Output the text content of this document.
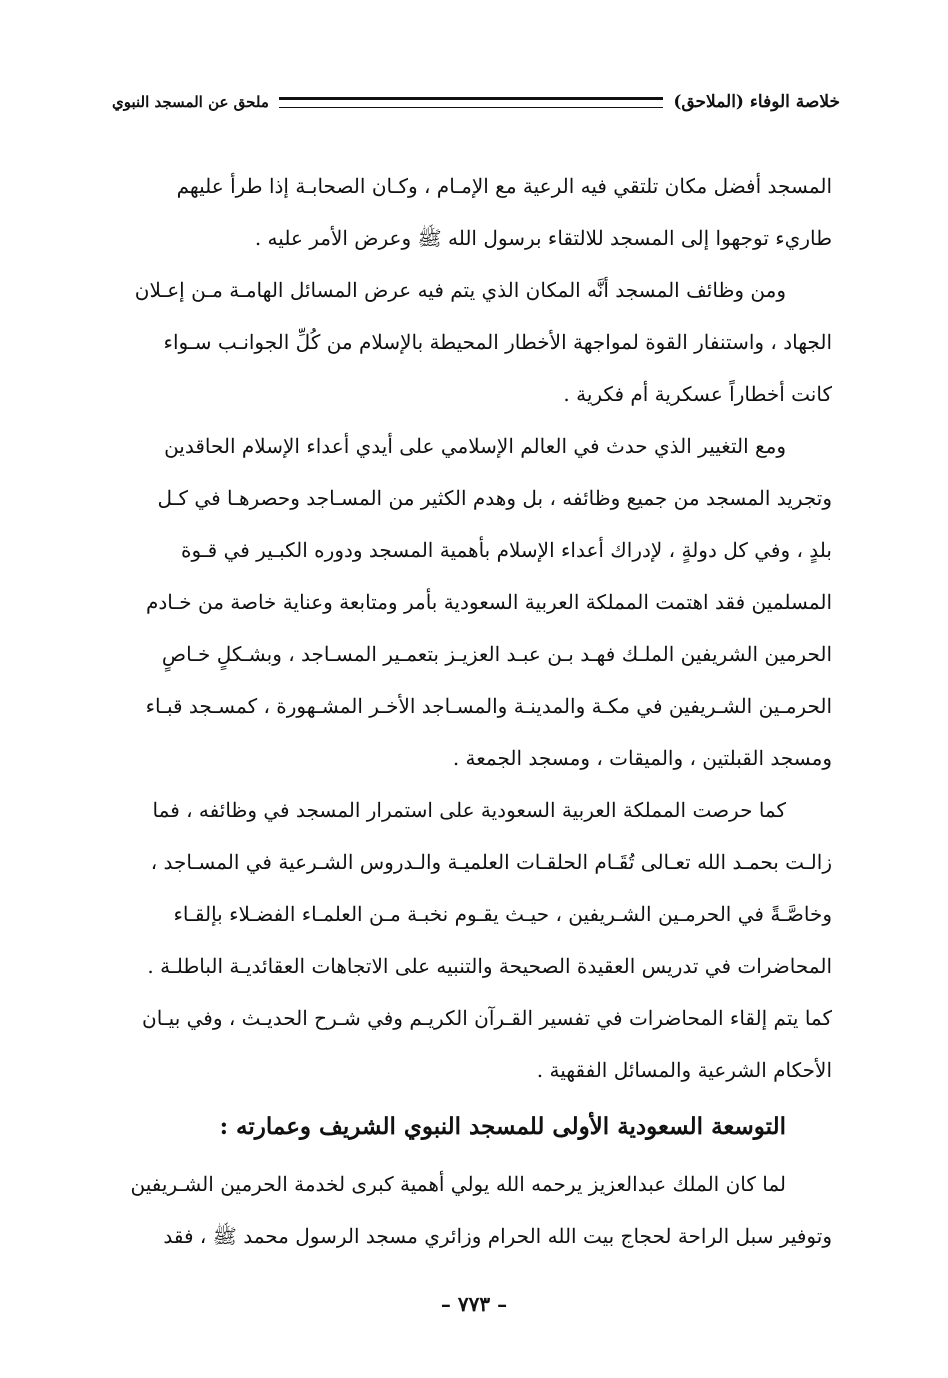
خلاصة الوفاء (الملاحق)
ملحق عن المسجد النبوي
المسجد أفضل مكان تلتقي فيه الرعية مع الإمـام ، وكـان الصحابـة إذا طرأ عليهم
طاريء توجهوا إلى المسجد للالتقاء برسول الله ﷺ وعرض الأمر عليه .
ومن وظائف المسجد أنَّه المكان الذي يتم فيه عرض المسائل الهامـة مـن إعـلان
الجهاد ، واستنفار القوة لمواجهة الأخطار المحيطة بالإسلام من كُلِّ الجوانـب سـواء
كانت أخطاراً عسكرية أم فكرية .
ومع التغيير الذي حدث في العالم الإسلامي على أيدي أعداء الإسلام الحاقدين
وتجريد المسجد من جميع وظائفه ، بل وهدم الكثير من المسـاجد وحصرهـا في كـل
بلدٍ ، وفي كل دولةٍ ، لإدراك أعداء الإسلام بأهمية المسجد ودوره الكبـير في قـوة
المسلمين فقد اهتمت المملكة العربية السعودية بأمر ومتابعة وعناية خاصة من خـادم
الحرمين الشريفين الملـك فهـد بـن عبـد العزيـز بتعمـير المسـاجد ، وبشـكلٍ خـاصٍ
الحرمـين الشـريفين في مكـة والمدينـة والمسـاجد الأخـر المشـهورة ، كمسـجد قبـاء
ومسجد القبلتين ، والميقات ، ومسجد الجمعة .
كما حرصت المملكة العربية السعودية على استمرار المسجد في وظائفه ، فما
زالـت بحمـد الله تعـالى تُقَـام الحلقـات العلميـة والـدروس الشـرعية في المسـاجد ،
وخاصَّـةً في الحرمـين الشـريفين ، حيـث يقـوم نخبـة مـن العلمـاء الفضـلاء بإلقـاء
المحاضرات في تدريس العقيدة الصحيحة والتنبيه على الاتجاهات العقائديـة الباطلـة .
كما يتم إلقاء المحاضرات في تفسير القـرآن الكريـم وفي شـرح الحديـث ، وفي بيـان
الأحكام الشرعية والمسائل الفقهية .
التوسعة السعودية الأولى للمسجد النبوي الشريف وعمارته :
لما كان الملك عبدالعزيز يرحمه الله يولي أهمية كبرى لخدمة الحرمين الشـريفين
وتوفير سبل الراحة لحجاج بيت الله الحرام وزائري مسجد الرسول محمد ﷺ ، فقد
– ٧٧٣ –
